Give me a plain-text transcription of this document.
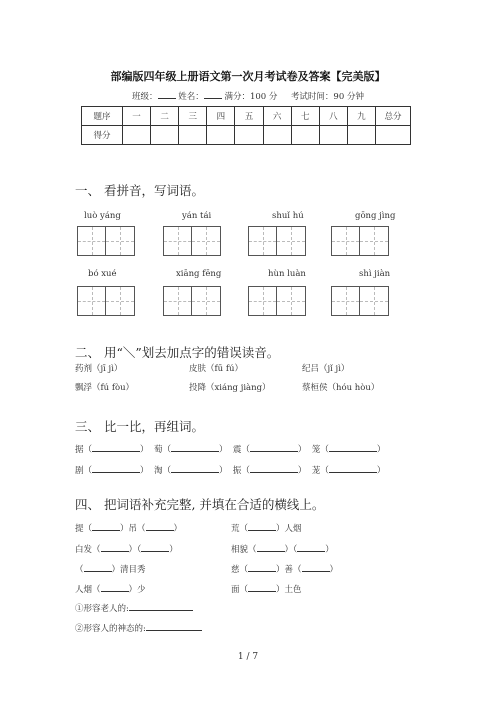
部编版四年级上册语文第一次月考试卷及答案【完美版】
班级： 姓名： 满分：100 分 考试时间：90 分钟
题序	一	二	三	四	五	六	七	八	九	总分
得分										
一、 看拼音，写词语。
luò yáng	yán tái	shuǐ hú	gōng jìng
bó xué	xiāng fēng	hùn luàn	shì jiàn
二、 用“＼”划去加点字的错误读音。
药剂（jī jì）	皮肤（fū fú）	纪吕（jǐ jì）
飘浮（fú fòu）	投降（xiáng jiàng）	蔡桓侯（hóu hòu）
三、 比一比，再组词。
据（	） 萄（	） 震（	） 笼（	）
剧（	） 淘（	） 振（	） 茏（	）
四、 把词语补充完整, 并填在合适的横线上。
提（	）吊（	）	荒（	）人烟
白发（	）（	）	相貌（	）（	）
（	）清目秀	慈（	）善（	）
人烟（	）少	面（	）土色
①形容老人的:
②形容人的神态的:
1 / 7
